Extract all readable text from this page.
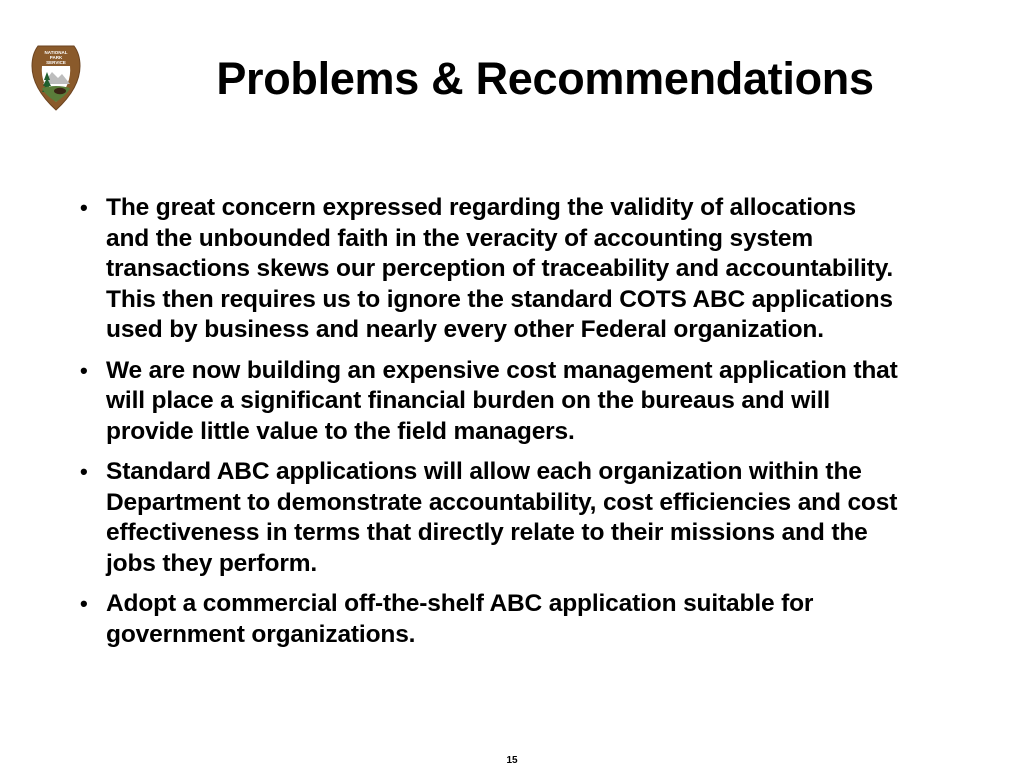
NATIONAL
PARK
SERVICE	Problems & Recommendations
• The great concern expressed regarding the validity of allocations and the unbounded faith in the veracity of accounting system transactions skews our perception of traceability and accountability. This then requires us to ignore the standard COTS ABC applications used by business and nearly every other Federal organization.
• We are now building an expensive cost management application that will place a significant financial burden on the bureaus and will provide little value to the field managers.
• Standard ABC applications will allow each organization within the Department to demonstrate accountability, cost efficiencies and cost effectiveness in terms that directly relate to their missions and the jobs they perform.
• Adopt a commercial off-the-shelf ABC application suitable for government organizations.
15
